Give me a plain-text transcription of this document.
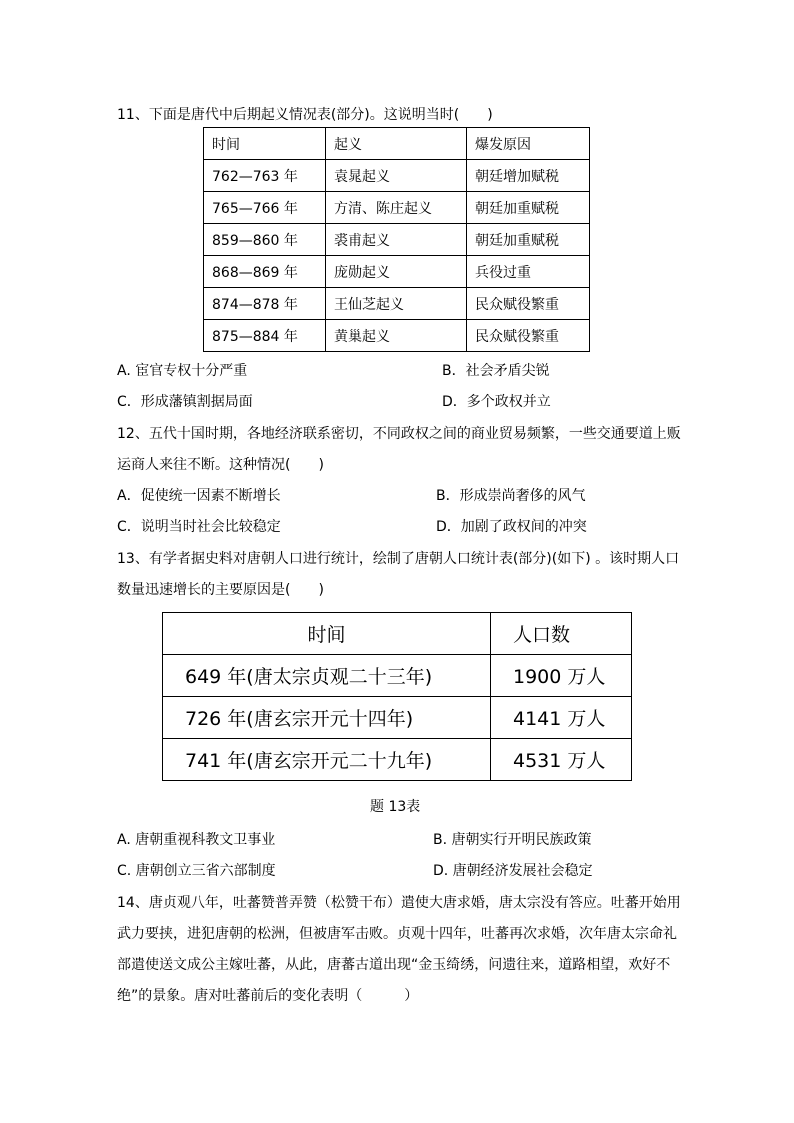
11、下面是唐代中后期起义情况表(部分)。这说明当时(　　)
时间	起义	爆发原因
762—763 年	袁晁起义	朝廷增加赋税
765—766 年	方清、陈庄起义	朝廷加重赋税
859—860 年	裘甫起义	朝廷加重赋税
868—869 年	庞勋起义	兵役过重
874—878 年	王仙芝起义	民众赋役繁重
875—884 年	黄巢起义	民众赋役繁重
A. 宦官专权十分严重	B．社会矛盾尖锐
C．形成藩镇割据局面	D．多个政权并立
12、五代十国时期，各地经济联系密切，不同政权之间的商业贸易频繁，一些交通要道上贩
运商人来往不断。这种情况(　　)
A．促使统一因素不断增长	B．形成崇尚奢侈的风气
C．说明当时社会比较稳定	D．加剧了政权间的冲突
13、有学者据史料对唐朝人口进行统计，绘制了唐朝人口统计表(部分)(如下) 。该时期人口
数量迅速增长的主要原因是(　　)
时间	人口数
649 年(唐太宗贞观二十三年)	1900 万人
726 年(唐玄宗开元十四年)	4141 万人
741 年(唐玄宗开元二十九年)	4531 万人
题 13表
A. 唐朝重视科教文卫事业	B. 唐朝实行开明民族政策
C. 唐朝创立三省六部制度	D. 唐朝经济发展社会稳定
14、唐贞观八年，吐蕃赞普弄赞（松赞干布）遣使大唐求婚，唐太宗没有答应。吐蕃开始用
武力要挟，进犯唐朝的松洲，但被唐军击败。贞观十四年，吐蕃再次求婚，次年唐太宗命礼
部遣使送文成公主嫁吐蕃，从此，唐蕃古道出现“金玉绮绣，问遗往来，道路相望，欢好不
绝”的景象。唐对吐蕃前后的变化表明（　　　）
